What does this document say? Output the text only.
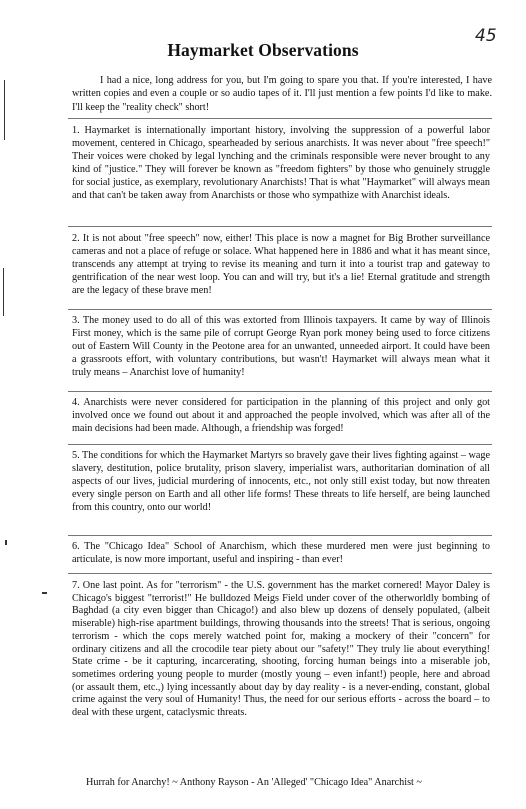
45
Haymarket Observations
I had a nice, long address for you, but I'm going to spare you that. If you're interested, I have written copies and even a couple or so audio tapes of it. I'll just mention a few points I'd like to make. I'll keep the "reality check" short!
1. Haymarket is internationally important history, involving the suppression of a powerful labor movement, centered in Chicago, spearheaded by serious anarchists. It was never about "free speech!" Their voices were choked by legal lynching and the criminals responsible were never brought to any kind of "justice." They will forever be known as "freedom fighters" by those who genuinely struggle for social justice, as exemplary, revolutionary Anarchists! That is what "Haymarket" will always mean and that can't be taken away from Anarchists or those who sympathize with Anarchist ideals.
2. It is not about "free speech" now, either! This place is now a magnet for Big Brother surveillance cameras and not a place of refuge or solace. What happened here in 1886 and what it has meant since, transcends any attempt at trying to revise its meaning and turn it into a tourist trap and gateway to gentrification of the near west loop. You can and will try, but it's a lie! Eternal gratitude and strength are the legacy of these brave men!
3. The money used to do all of this was extorted from Illinois taxpayers. It came by way of Illinois First money, which is the same pile of corrupt George Ryan pork money being used to force citizens out of Eastern Will County in the Peotone area for an unwanted, unneeded airport. It could have been a grassroots effort, with voluntary contributions, but wasn't! Haymarket will always mean what it truly means – Anarchist love of humanity!
4. Anarchists were never considered for participation in the planning of this project and only got involved once we found out about it and approached the people involved, which was after all of the main decisions had been made. Although, a friendship was forged!
5. The conditions for which the Haymarket Martyrs so bravely gave their lives fighting against – wage slavery, destitution, police brutality, prison slavery, imperialist wars, authoritarian domination of all aspects of our lives, judicial murdering of innocents, etc., not only still exist today, but now threaten every single person on Earth and all other life forms! These threats to life herself, are being launched from this country, onto our world!
6. The "Chicago Idea" School of Anarchism, which these murdered men were just beginning to articulate, is now more important, useful and inspiring - than ever!
7. One last point. As for "terrorism" - the U.S. government has the market cornered! Mayor Daley is Chicago's biggest "terrorist!" He bulldozed Meigs Field under cover of the otherworldly bombing of Baghdad (a city even bigger than Chicago!) and also blew up dozens of densely populated, (albeit miserable) high-rise apartment buildings, throwing thousands into the streets! That is serious, ongoing terrorism - which the cops merely watched point for, making a mockery of their "concern" for ordinary citizens and all the crocodile tear piety about our "safety!" They truly lie about everything! State crime - be it capturing, incarcerating, shooting, forcing human beings into a miserable job, sometimes ordering young people to murder (mostly young – even infant!) people, here and abroad (or assault them, etc.,) lying incessantly about day by day reality - is a never-ending, constant, global crime against the very soul of Humanity! Thus, the need for our serious efforts - across the board – to deal with these urgent, cataclysmic threats.
Hurrah for Anarchy! ~ Anthony Rayson - An 'Alleged' "Chicago Idea" Anarchist ~
